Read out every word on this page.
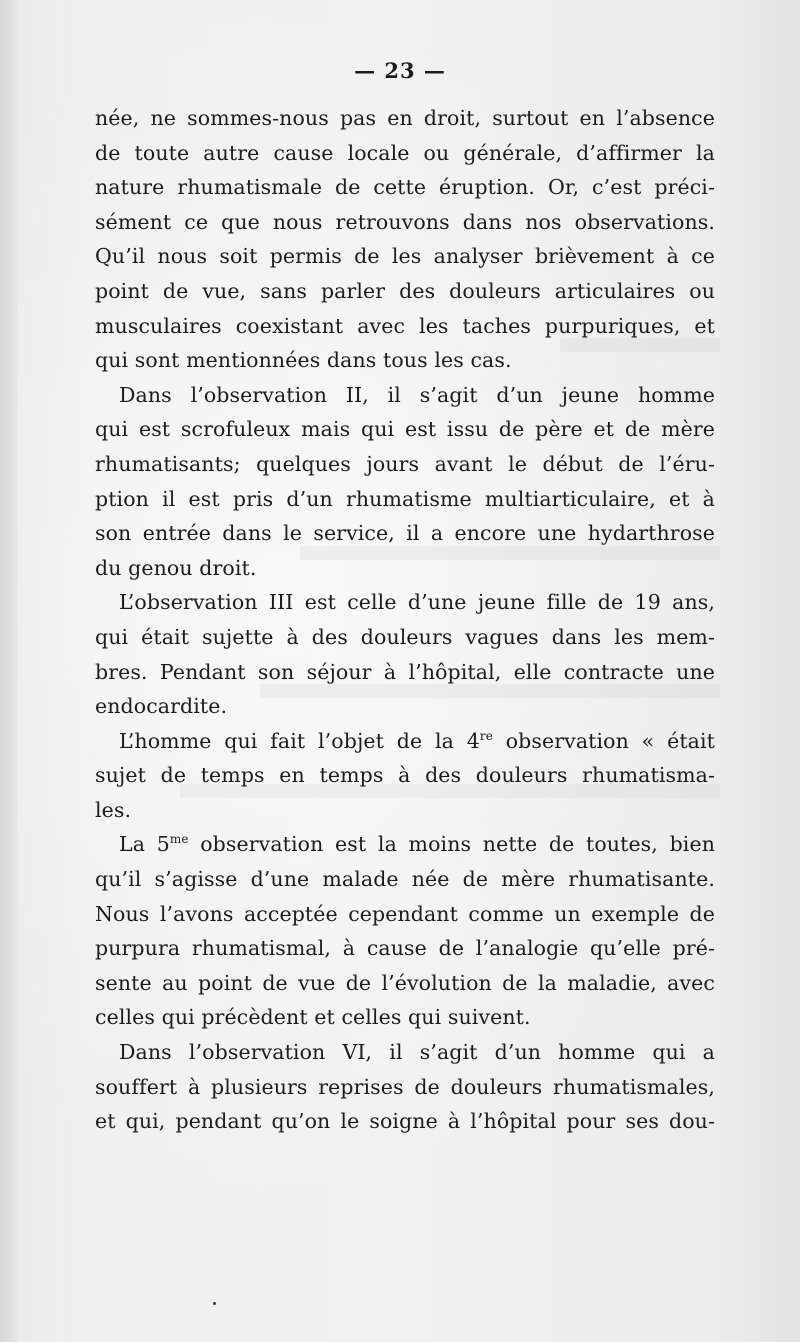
— 23 —
née, ne sommes-nous pas en droit, surtout en l’absence
de toute autre cause locale ou générale, d’affirmer la
nature rhumatismale de cette éruption. Or, c’est préci-
sément ce que nous retrouvons dans nos observations.
Qu’il nous soit permis de les analyser brièvement à ce
point de vue, sans parler des douleurs articulaires ou
musculaires coexistant avec les taches purpuriques, et
qui sont mentionnées dans tous les cas.
Dans l’observation II, il s’agit d’un jeune homme
qui est scrofuleux mais qui est issu de père et de mère
rhumatisants; quelques jours avant le début de l’éru-
ption il est pris d’un rhumatisme multiarticulaire, et à
son entrée dans le service, il a encore une hydarthrose
du genou droit.
L’observation III est celle d’une jeune fille de 19 ans,
qui était sujette à des douleurs vagues dans les mem-
bres. Pendant son séjour à l’hôpital, elle contracte une
endocardite.
L’homme qui fait l’objet de la 4re observation « était
sujet de temps en temps à des douleurs rhumatisma-
les.
La $5^{me}$ observation est la moins nette de toutes, bien
qu’il s’agisse d’une malade née de mère rhumatisante.
Nous l’avons acceptée cependant comme un exemple de
purpura rhumatismal, à cause de l’analogie qu’elle pré-
sente au point de vue de l’évolution de la maladie, avec
celles qui précèdent et celles qui suivent.
Dans l’observation VI, il s’agit d’un homme qui a
souffert à plusieurs reprises de douleurs rhumatismales,
et qui, pendant qu’on le soigne à l’hôpital pour ses dou-
